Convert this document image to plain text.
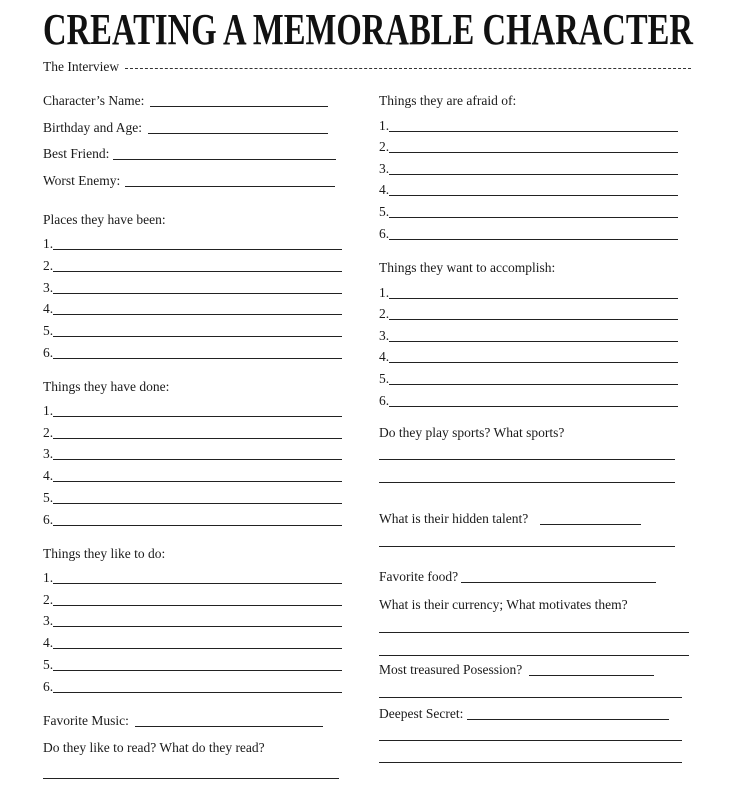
CREATING A MEMORABLE CHARACTER
The Interview
Character’s Name:
Birthday and Age:
Best Friend:
Worst Enemy:
Places they have been:
1.
2.
3.
4.
5.
6.
Things they have done:
1.
2.
3.
4.
5.
6.
Things they like to do:
1.
2.
3.
4.
5.
6.
Favorite Music:
Do they like to read? What do they read?
Things they are afraid of:
1.
2.
3.
4.
5.
6.
Things they want to accomplish:
1.
2.
3.
4.
5.
6.
Do they play sports? What sports?
What is their hidden talent?
Favorite food?
What is their currency; What motivates them?
Most treasured Posession?
Deepest Secret:
